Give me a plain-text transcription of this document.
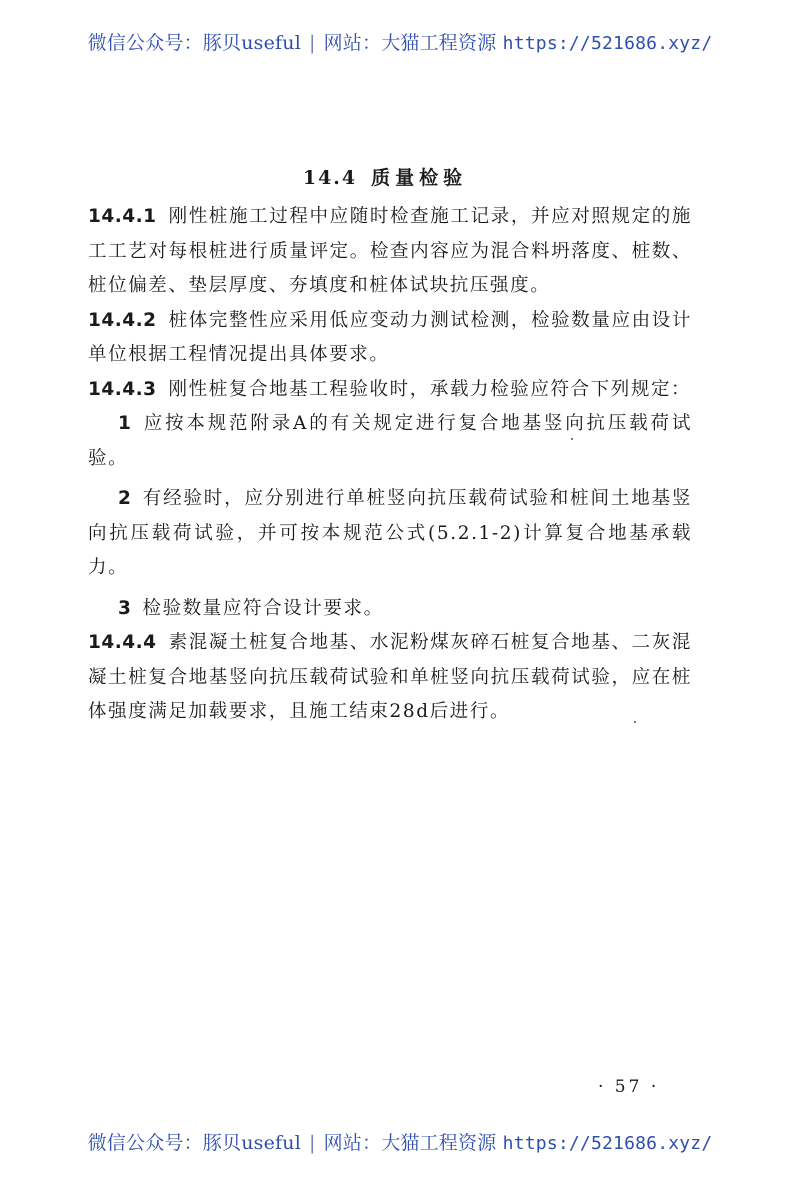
微信公众号：豚贝useful | 网站：大猫工程资源 https://521686.xyz/
14.4 质量检验

14.4.1 刚性桩施工过程中应随时检查施工记录，并应对照规定的施工工艺对每根桩进行质量评定。检查内容应为混合料坍落度、桩数、桩位偏差、垫层厚度、夯填度和桩体试块抗压强度。

14.4.2 桩体完整性应采用低应变动力测试检测，检验数量应由设计单位根据工程情况提出具体要求。

14.4.3 刚性桩复合地基工程验收时，承载力检验应符合下列规定：

1 应按本规范附录A的有关规定进行复合地基竖向抗压载荷试验。

2 有经验时，应分别进行单桩竖向抗压载荷试验和桩间土地基竖向抗压载荷试验，并可按本规范公式(5.2.1-2)计算复合地基承载力。

3 检验数量应符合设计要求。

14.4.4 素混凝土桩复合地基、水泥粉煤灰碎石桩复合地基、二灰混凝土桩复合地基竖向抗压载荷试验和单桩竖向抗压载荷试验，应在桩体强度满足加载要求，且施工结束28d后进行。

· 57 ·
微信公众号：豚贝useful | 网站：大猫工程资源 https://521686.xyz/
